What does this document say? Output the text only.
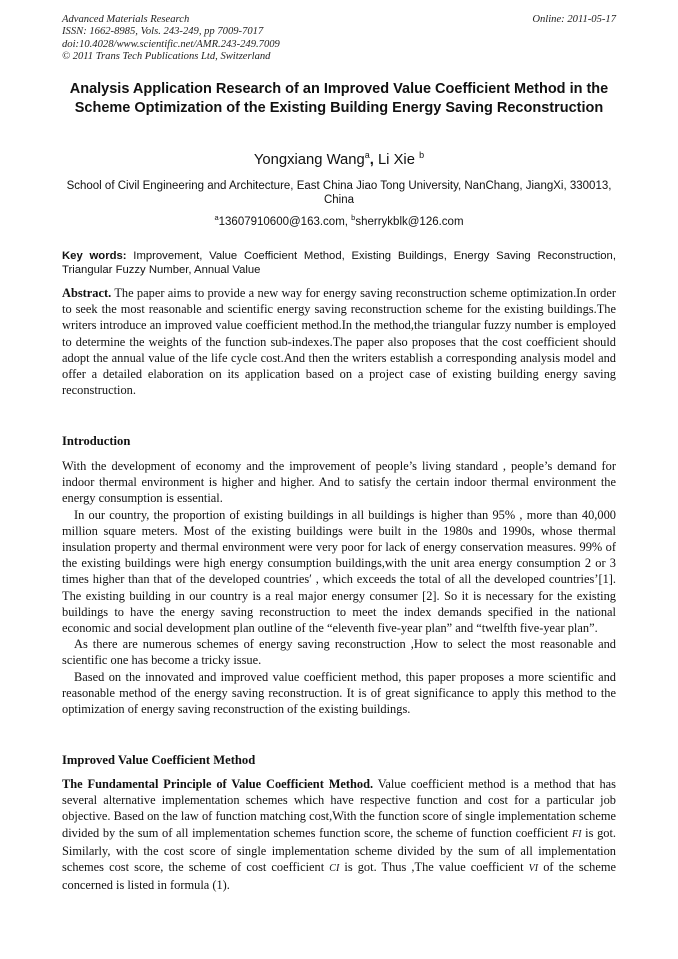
Advanced Materials Research
ISSN: 1662-8985, Vols. 243-249, pp 7009-7017
doi:10.4028/www.scientific.net/AMR.243-249.7009
© 2011 Trans Tech Publications Ltd, Switzerland
Online: 2011-05-17
Analysis Application Research of an Improved Value Coefficient Method in the Scheme Optimization of the Existing Building Energy Saving Reconstruction
Yongxiang Wang$^a$, Li Xie $^b$
School of Civil Engineering and Architecture, East China Jiao Tong University, NanChang, JiangXi, 330013, China
$^a$13607910600@163.com, $^b$sherrykblk@126.com
Key words: Improvement, Value Coefficient Method, Existing Buildings, Energy Saving Reconstruction, Triangular Fuzzy Number, Annual Value
Abstract. The paper aims to provide a new way for energy saving reconstruction scheme optimization.In order to seek the most reasonable and scientific energy saving reconstruction scheme for the existing buildings.The writers introduce an improved value coefficient method.In the method,the triangular fuzzy number is employed to determine the weights of the function sub-indexes.The paper also proposes that the cost coefficient should adopt the annual value of the life cycle cost.And then the writers establish a corresponding analysis model and offer a detailed elaboration on its application based on a project case of existing building energy saving reconstruction.
Introduction

With the development of economy and the improvement of people’s living standard , people’s demand for indoor thermal environment is higher and higher. And to satisfy the certain indoor thermal environment the energy consumption is essential.

In our country, the proportion of existing buildings in all buildings is higher than 95% , more than 40,000 million square meters. Most of the existing buildings were built in the 1980s and 1990s, whose thermal insulation property and thermal environment were very poor for lack of energy conservation measures. 99% of the existing buildings were high energy consumption buildings,with the unit area energy consumption 2 or 3 times higher than that of the developed countries′ , which exceeds the total of all the developed countries’[1]. The existing building in our country is a real major energy consumer [2]. So it is necessary for the existing buildings to have the energy saving reconstruction to meet the index demands specified in the national economic and social development plan outline of the “eleventh five-year plan” and “twelfth five-year plan”.

As there are numerous schemes of energy saving reconstruction ,How to select the most reasonable and scientific one has become a tricky issue.

Based on the innovated and improved value coefficient method, this paper proposes a more scientific and reasonable method of the energy saving reconstruction. It is of great significance to apply this method to the optimization of energy saving reconstruction of the existing buildings.

Improved Value Coefficient Method

The Fundamental Principle of Value Coefficient Method. Value coefficient method is a method that has several alternative implementation schemes which have respective function and cost for a particular job objective. Based on the law of function matching cost,With the function score of single implementation scheme divided by the sum of all implementation schemes function score, the scheme of function coefficient FI is got. Similarly, with the cost score of single implementation scheme divided by the sum of all implementation schemes cost score, the scheme of cost coefficient CI is got. Thus ,The value coefficient VI of the scheme concerned is listed in formula (1).
